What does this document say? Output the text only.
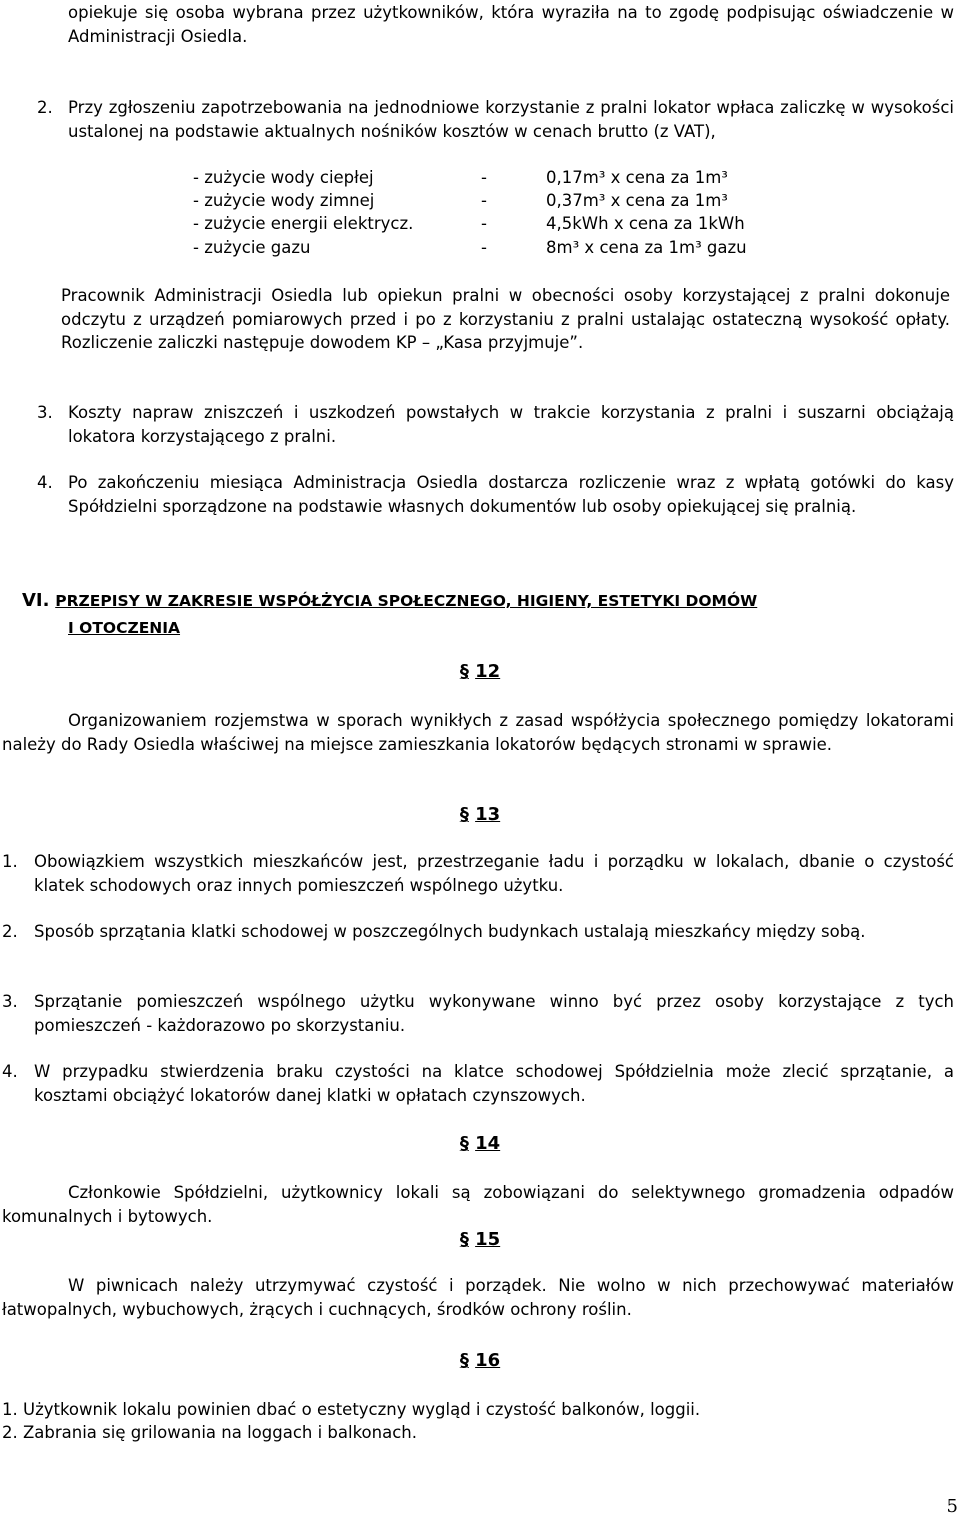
opiekuje się osoba wybrana przez użytkowników, która wyraziła na to zgodę podpisując oświadczenie w Administracji Osiedla.
2. Przy zgłoszeniu zapotrzebowania na jednodniowe korzystanie z pralni lokator wpłaca zaliczkę w wysokości ustalonej na podstawie aktualnych nośników kosztów w cenach brutto (z VAT),
- zużycie wody ciepłej	-	0,17m³ x cena za 1m³
- zużycie wody zimnej	-	0,37m³ x cena za 1m³
- zużycie energii elektrycz.	-	4,5kWh x cena za 1kWh
- zużycie gazu	-	8m³ x cena za 1m³ gazu
Pracownik Administracji Osiedla lub opiekun pralni w obecności osoby korzystającej z pralni dokonuje odczytu z urządzeń pomiarowych przed i po z korzystaniu z pralni ustalając ostateczną wysokość opłaty. Rozliczenie zaliczki następuje dowodem KP – „Kasa przyjmuje”.
3. Koszty napraw zniszczeń i uszkodzeń powstałych w trakcie korzystania z pralni i suszarni obciążają lokatora korzystającego z pralni.
4. Po zakończeniu miesiąca Administracja Osiedla dostarcza rozliczenie wraz z wpłatą gotówki do kasy Spółdzielni sporządzone na podstawie własnych dokumentów lub osoby opiekującej się pralnią.
VI. PRZEPISY W ZAKRESIE WSPÓŁŻYCIA SPOŁECZNEGO, HIGIENY, ESTETYKI DOMÓW
I OTOCZENIA
§ 12
Organizowaniem rozjemstwa w sporach wynikłych z zasad współżycia społecznego pomiędzy lokatorami należy do Rady Osiedla właściwej na miejsce zamieszkania lokatorów będących stronami w sprawie.
§ 13
1. Obowiązkiem wszystkich mieszkańców jest, przestrzeganie ładu i porządku w lokalach, dbanie o czystość klatek schodowych oraz innych pomieszczeń wspólnego użytku.
2. Sposób sprzątania klatki schodowej w poszczególnych budynkach ustalają mieszkańcy między sobą.
3. Sprzątanie pomieszczeń wspólnego użytku wykonywane winno być przez osoby korzystające z tych pomieszczeń - każdorazowo po skorzystaniu.
4. W przypadku stwierdzenia braku czystości na klatce schodowej Spółdzielnia może zlecić sprzątanie, a kosztami obciążyć lokatorów danej klatki w opłatach czynszowych.
§ 14
Członkowie Spółdzielni, użytkownicy lokali są zobowiązani do selektywnego gromadzenia odpadów komunalnych i bytowych.
§ 15
W piwnicach należy utrzymywać czystość i porządek. Nie wolno w nich przechowywać materiałów łatwopalnych, wybuchowych, żrących i cuchnących, środków ochrony roślin.
§ 16
1. Użytkownik lokalu powinien dbać o estetyczny wygląd i czystość balkonów, loggii.
2. Zabrania się grilowania na loggach i balkonach.
5
